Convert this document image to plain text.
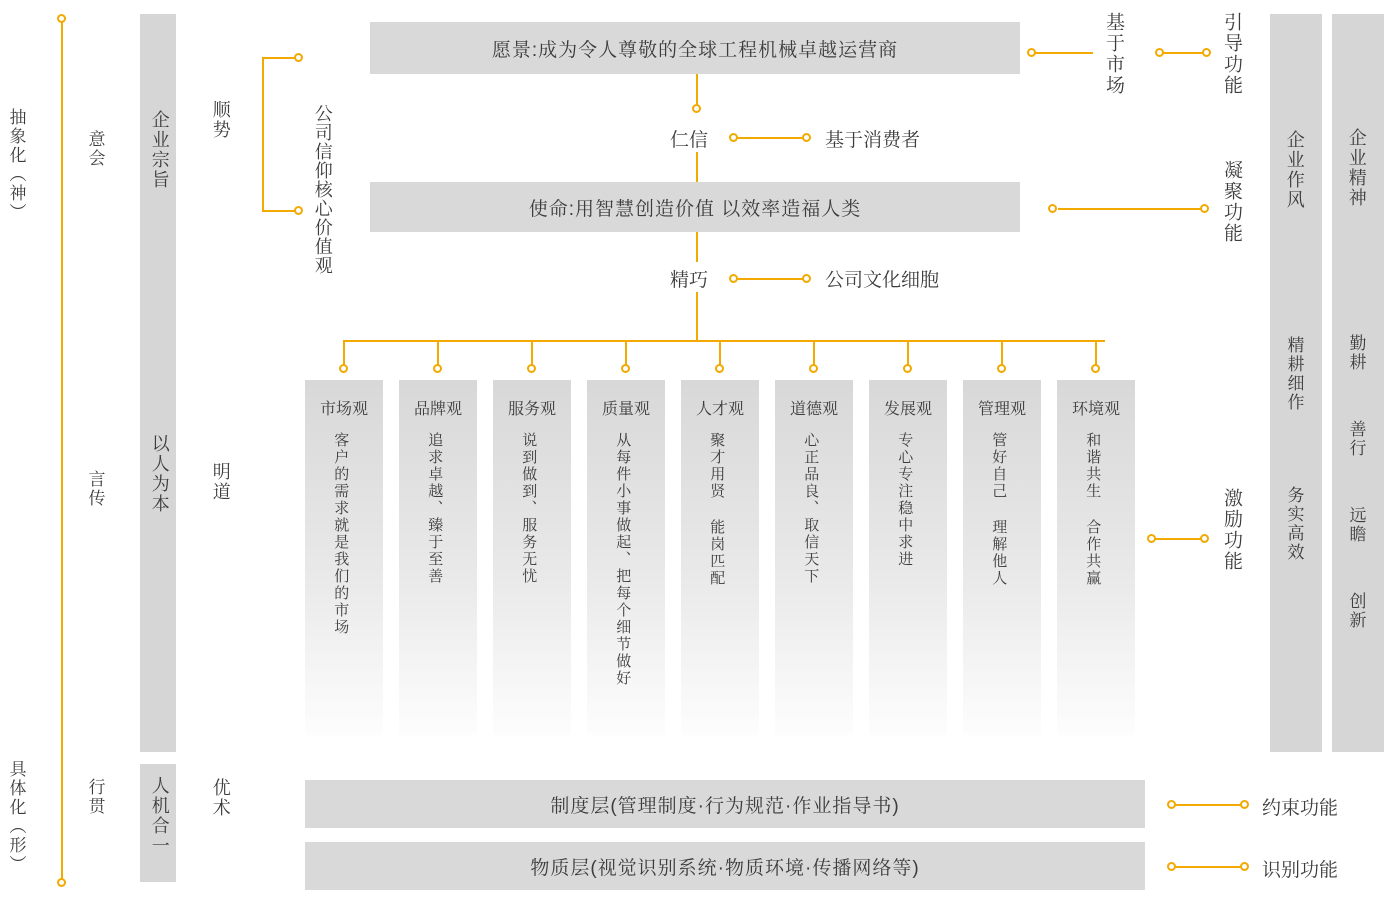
抽象化（神）
具体化（形）
意会
言传
行贯
企业宗旨
以人为本
人机合一
顺势
明道
优术
公司信仰核心价值观
愿景:成为令人尊敬的全球工程机械卓越运营商
使命:用智慧创造价值 以效率造福人类
基于市场	引导功能
凝聚功能
仁信	基于消费者
精巧	公司文化细胞
市场观
客户的需求就是我们的市场
品牌观
追求卓越、臻于至善
服务观
说到做到、服务无忧
质量观
从每件小事做起、把每个细节做好
人才观
聚才用贤 能岗匹配
道德观
心正品良、取信天下
发展观
专心专注稳中求进
管理观
管好自己 理解他人
环境观
和谐共生 合作共赢	激励功能
企业作风
精耕细作
务实高效
企业精神
勤耕
善行
远瞻
创新
制度层(管理制度·行为规范·作业指导书)	约束功能
物质层(视觉识别系统·物质环境·传播网络等)	识别功能
